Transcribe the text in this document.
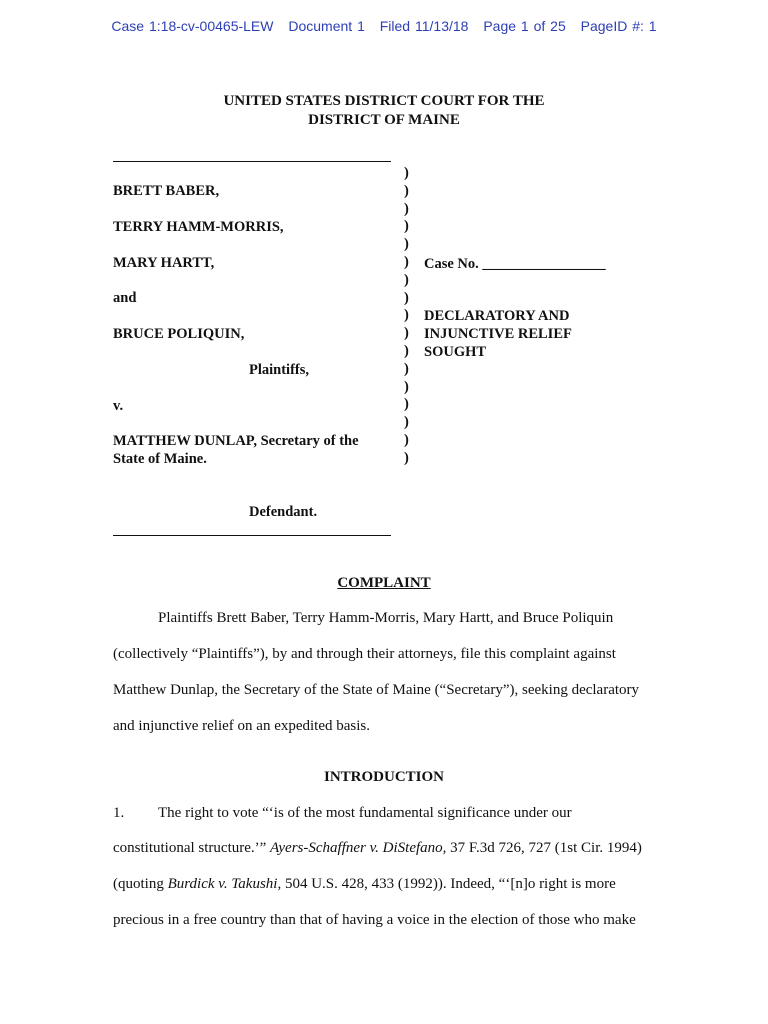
Case 1:18-cv-00465-LEW Document 1 Filed 11/13/18 Page 1 of 25 PageID #: 1
UNITED STATES DISTRICT COURT FOR THE
DISTRICT OF MAINE
BRETT BABER,
TERRY HAMM-MORRIS,
MARY HARTT,
and
BRUCE POLIQUIN,
Plaintiffs,
v.
MATTHEW DUNLAP, Secretary of the
State of Maine.
Defendant.
)
)
)
)
)
)
)
)
)
)
)
)
)
)
)
)
)
Case No. _________________
DECLARATORY AND
INJUNCTIVE RELIEF
SOUGHT
COMPLAINT
Plaintiffs Brett Baber, Terry Hamm-Morris, Mary Hartt, and Bruce Poliquin
(collectively “Plaintiffs”), by and through their attorneys, file this complaint against
Matthew Dunlap, the Secretary of the State of Maine (“Secretary”), seeking declaratory
and injunctive relief on an expedited basis.
INTRODUCTION
1. The right to vote “‘is of the most fundamental significance under our
constitutional structure.’” Ayers-Schaffner v. DiStefano, 37 F.3d 726, 727 (1st Cir. 1994)
(quoting Burdick v. Takushi, 504 U.S. 428, 433 (1992)). Indeed, “‘[n]o right is more
precious in a free country than that of having a voice in the election of those who make
